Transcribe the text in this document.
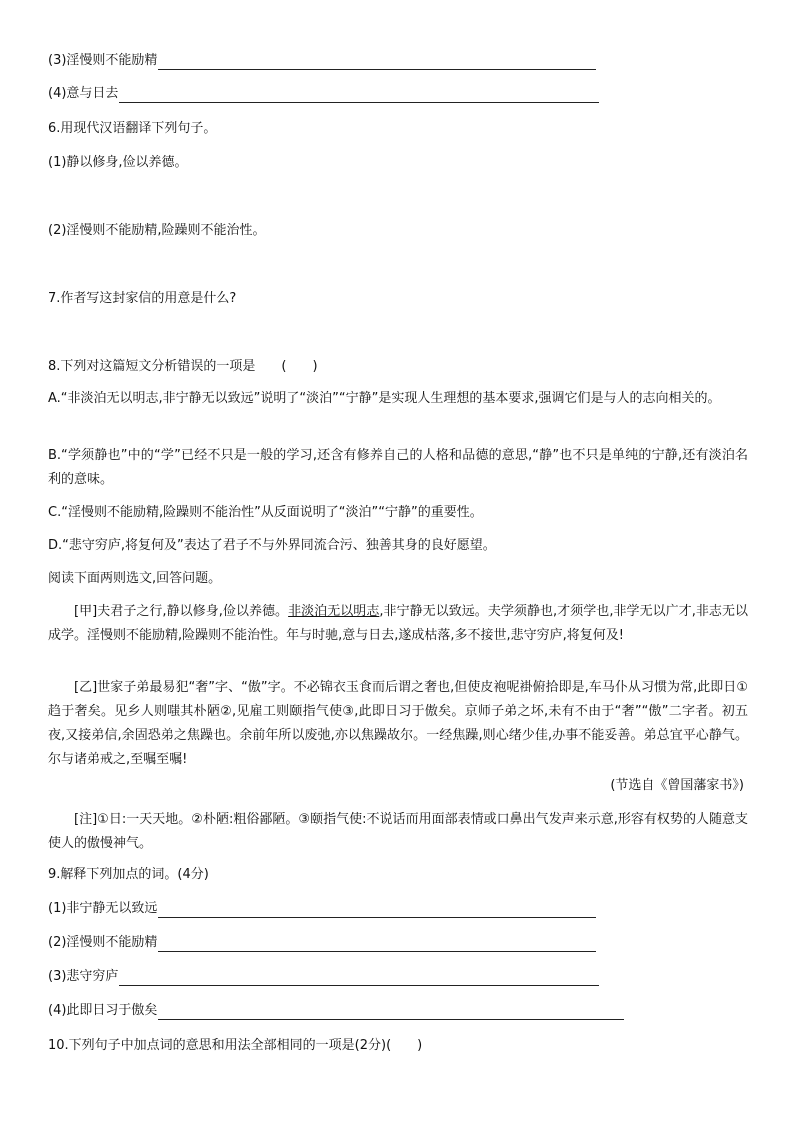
(3)淫慢则不能励精
(4)意与日去
6.用现代汉语翻译下列句子。
(1)静以修身,俭以养德。
(2)淫慢则不能励精,险躁则不能治性。
7.作者写这封家信的用意是什么?
8.下列对这篇短文分析错误的一项是　　(　　)
A.“非淡泊无以明志,非宁静无以致远”说明了“淡泊”“宁静”是实现人生理想的基本要求,强调它们是与人的志向相关的。
B.“学须静也”中的“学”已经不只是一般的学习,还含有修养自己的人格和品德的意思,“静”也不只是单纯的宁静,还有淡泊名利的意味。
C.“淫慢则不能励精,险躁则不能治性”从反面说明了“淡泊”“宁静”的重要性。
D.“悲守穷庐,将复何及”表达了君子不与外界同流合污、独善其身的良好愿望。
阅读下面两则选文,回答问题。
[甲]夫君子之行,静以修身,俭以养德。非淡泊无以明志,非宁静无以致远。夫学须静也,才须学也,非学无以广才,非志无以成学。淫慢则不能励精,险躁则不能治性。年与时驰,意与日去,遂成枯落,多不接世,悲守穷庐,将复何及!
[乙]世家子弟最易犯“奢”字、“傲”字。不必锦衣玉食而后谓之奢也,但使皮袍呢褂俯拾即是,车马仆从习惯为常,此即日①趋于奢矣。见乡人则嗤其朴陋②,见雇工则颐指气使③,此即日习于傲矣。京师子弟之坏,未有不由于“奢”“傲”二字者。初五夜,又接弟信,余固恐弟之焦躁也。余前年所以废弛,亦以焦躁故尔。一经焦躁,则心绪少佳,办事不能妥善。弟总宜平心静气。尔与诸弟戒之,至嘱至嘱!
(节选自《曾国藩家书》)
[注]①日:一天天地。②朴陋:粗俗鄙陋。③颐指气使:不说话而用面部表情或口鼻出气发声来示意,形容有权势的人随意支使人的傲慢神气。
9.解释下列加点的词。(4分)
(1)非宁静无以致远
(2)淫慢则不能励精
(3)悲守穷庐
(4)此即日习于傲矣
10.下列句子中加点词的意思和用法全部相同的一项是(2分)(　　)
